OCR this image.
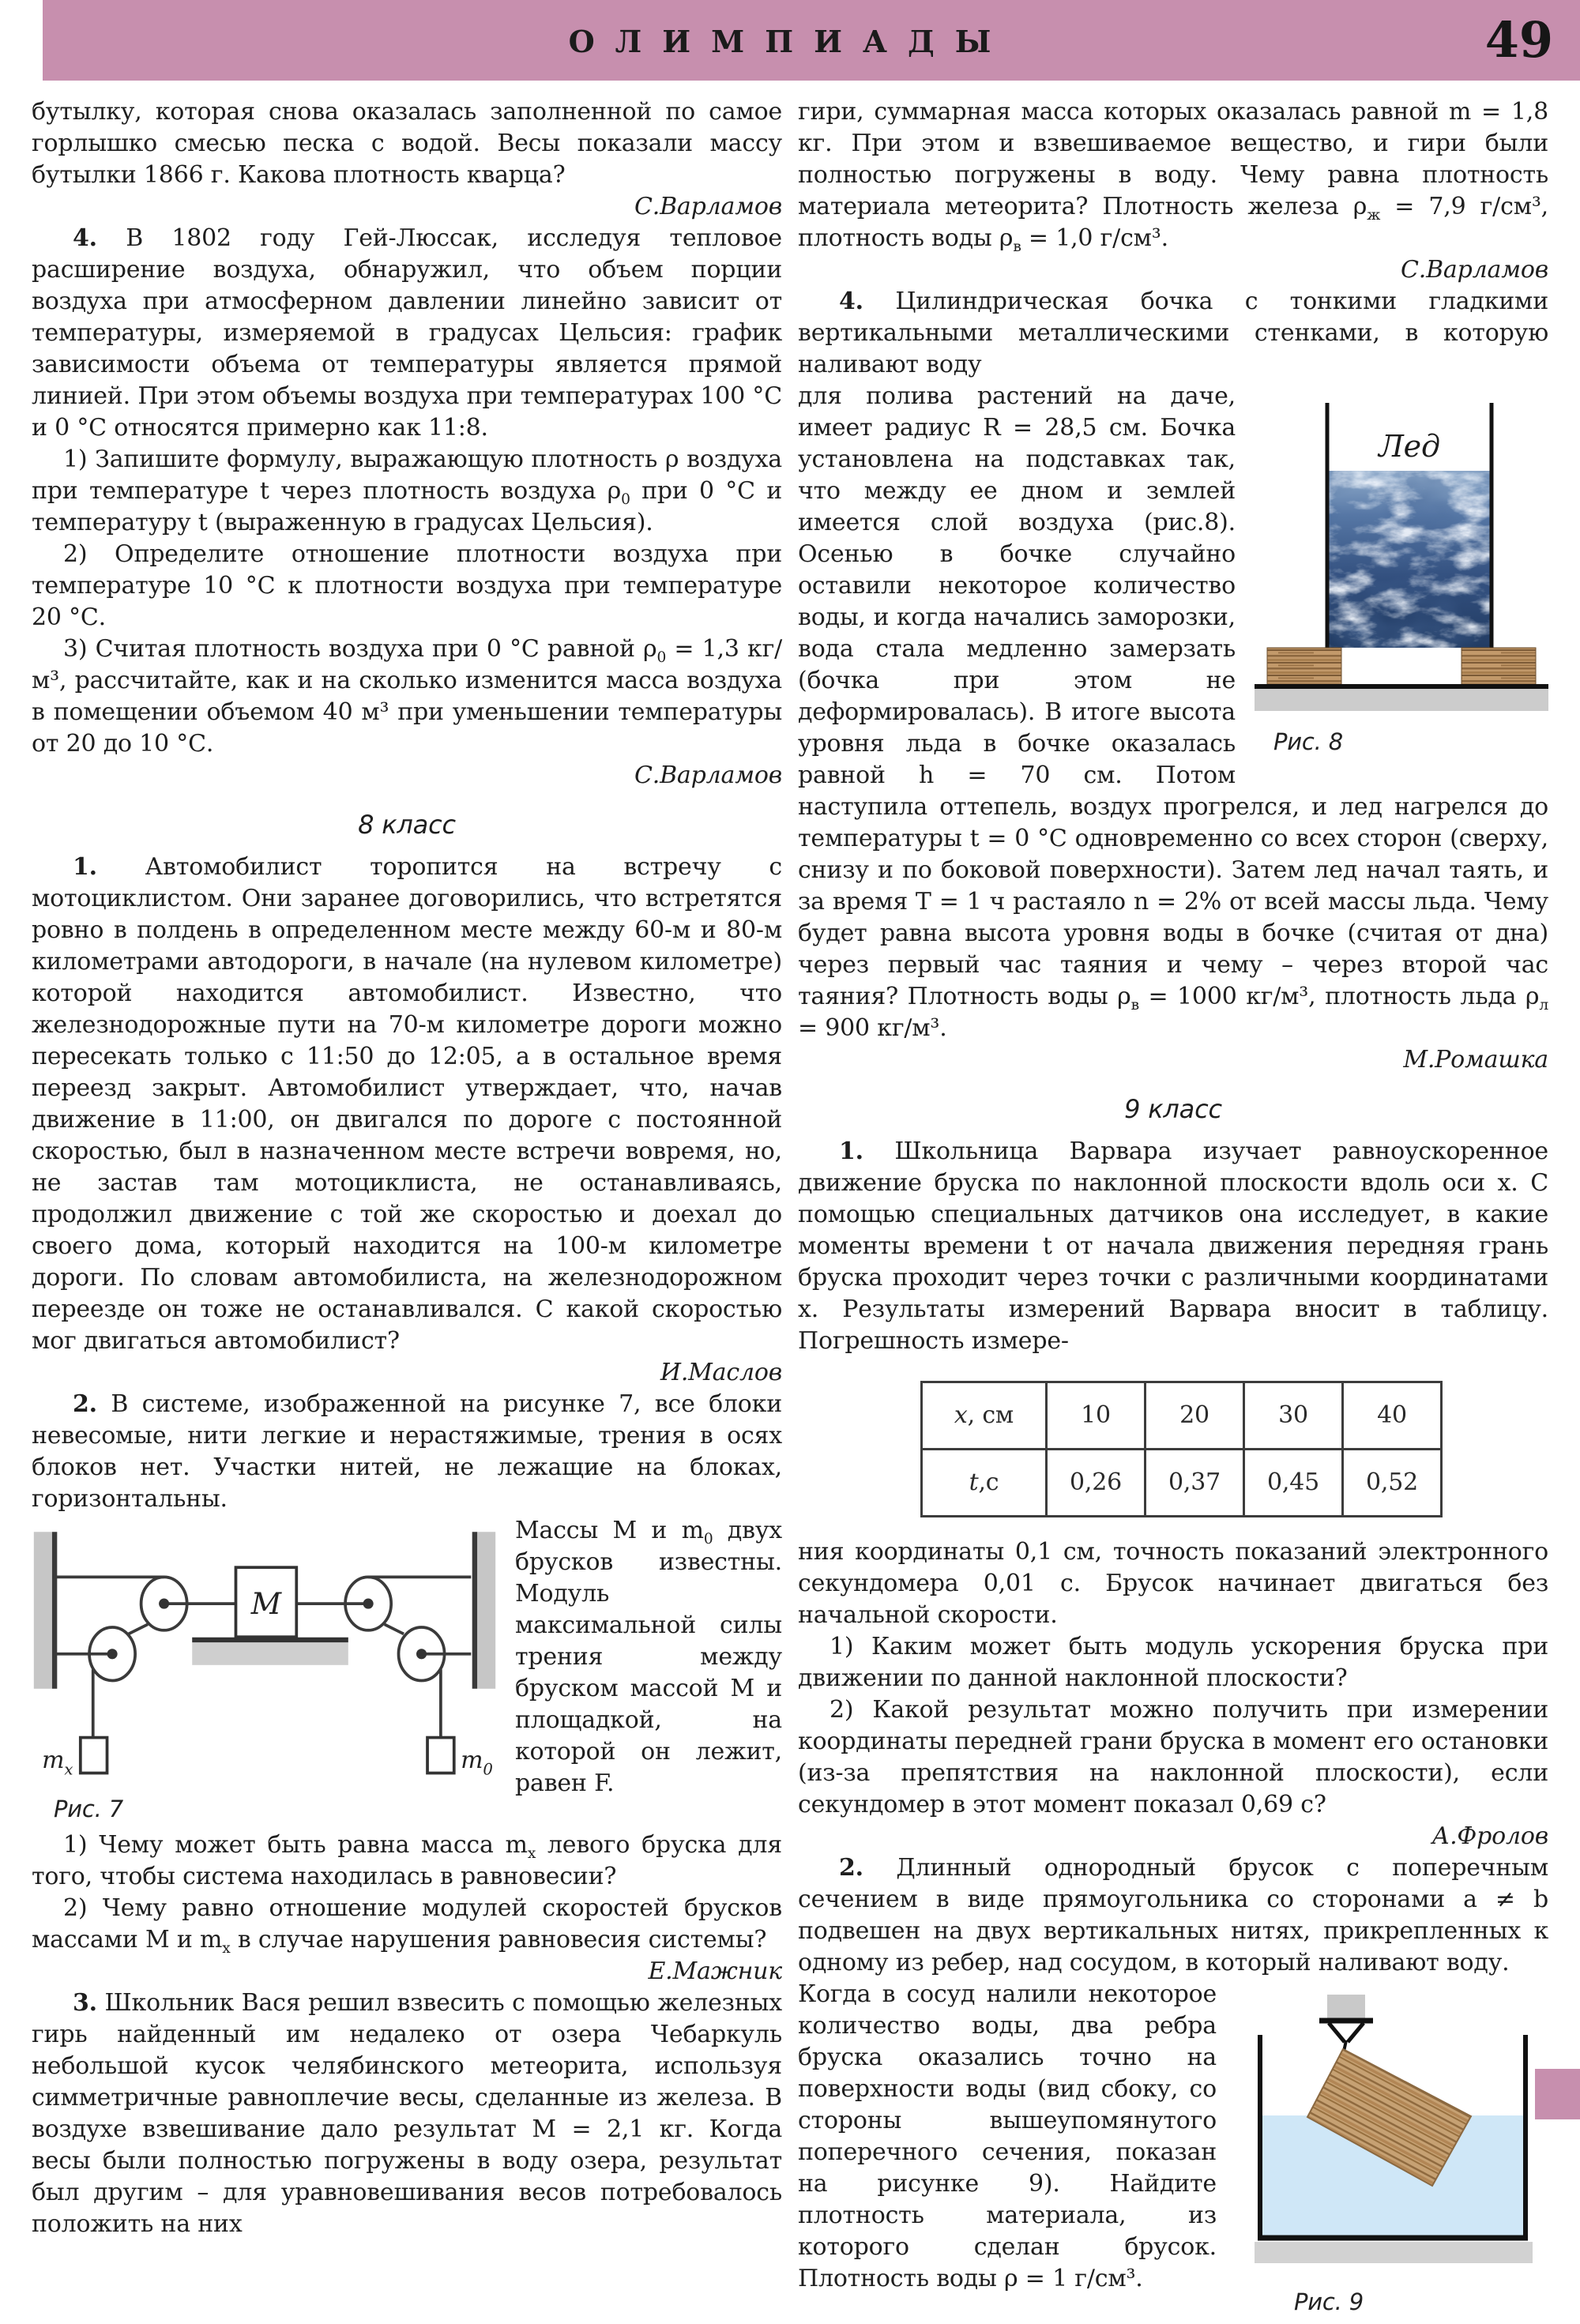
ОЛИМПИАДЫ	49

бутылку, которая снова оказалась заполненной по самое горлышко смесью песка с водой. Весы показали массу бутылки 1866 г. Какова плотность кварца?

С.Варламов

4. В 1802 году Гей-Люссак, исследуя тепловое расширение воздуха, обнаружил, что объем порции воздуха при атмосферном давлении линейно зависит от температуры, измеряемой в градусах Цельсия: график зависимости объема от температуры является прямой линией. При этом объемы воздуха при температурах 100 °С и 0 °С относятся примерно как 11:8.

1) Запишите формулу, выражающую плотность ρ воздуха при температуре t через плотность воздуха $\rho_0$ при 0 °С и температуру t (выраженную в градусах Цельсия).

2) Определите отношение плотности воздуха при температуре 10 °С к плотности воздуха при температуре 20 °С.

3) Считая плотность воздуха при 0 °С равной $\rho_0 = 1,3$ кг/м³, рассчитайте, как и на сколько изменится масса воздуха в помещении объемом 40 м³ при уменьшении температуры от 20 до 10 °С.

С.Варламов

8 класс

1. Автомобилист торопится на встречу с мотоциклистом. Они заранее договорились, что встретятся ровно в полдень в определенном месте между 60-м и 80-м километрами автодороги, в начале (на нулевом километре) которой находится автомобилист. Известно, что железнодорожные пути на 70-м километре дороги можно пересекать только с 11:50 до 12:05, а в остальное время переезд закрыт. Автомобилист утверждает, что, начав движение в 11:00, он двигался по дороге с постоянной скоростью, был в назначенном месте встречи вовремя, но, не застав там мотоциклиста, не останавливаясь, продолжил движение с той же скоростью и доехал до своего дома, который находится на 100-м километре дороги. По словам автомобилиста, на железнодорожном переезде он тоже не останавливался. С какой скоростью мог двигаться автомобилист?

И.Маслов

2. В системе, изображенной на рисунке 7, все блоки невесомые, нити легкие и нерастяжимые, трения в осях блоков нет. Участки нитей, не лежащие на блоках, горизонтальны.

M
$m_x$	$m_0$
Рис. 7

Массы M и $m_0$ двух брусков известны. Модуль максимальной силы трения между бруском массой M и площадкой, на которой он лежит, равен F.

1) Чему может быть равна масса $m_x$ левого бруска для того, чтобы система находилась в равновесии?

2) Чему равно отношение модулей скоростей брусков массами M и $m_x$ в случае нарушения равновесия системы?

Е.Мажник

3. Школьник Вася решил взвесить с помощью железных гирь найденный им недалеко от озера Чебаркуль небольшой кусок челябинского метеорита, используя симметричные равноплечие весы, сделанные из железа. В воздухе взвешивание дало результат M = 2,1 кг. Когда весы были полностью погружены в воду озера, результат был другим – для уравновешивания весов потребовалось положить на них

гири, суммарная масса которых оказалась равной m = 1,8 кг. При этом и взвешиваемое вещество, и гири были полностью погружены в воду. Чему равна плотность материала метеорита? Плотность железа $\rho_ж = 7,9$ г/см³, плотность воды $\rho_в = 1,0$ г/см³.

С.Варламов

4. Цилиндрическая бочка с тонкими гладкими вертикальными металлическими стенками, в которую наливают воду

Лед
Рис. 8

для полива растений на даче, имеет радиус R = 28,5 см. Бочка установлена на подставках так, что между ее дном и землей имеется слой воздуха (рис.8). Осенью в бочке случайно оставили некоторое количество воды, и когда начались заморозки, вода стала медленно замерзать (бочка при этом не деформировалась). В итоге высота уровня льда в бочке оказалась равной h = 70 см. Потом наступила оттепель, воздух прогрелся, и лед нагрелся до температуры t = 0 °С одновременно со всех сторон (сверху, снизу и по боковой поверхности). Затем лед начал таять, и за время T = 1 ч растаяло n = 2% от всей массы льда. Чему будет равна высота уровня воды в бочке (считая от дна) через первый час таяния и чему – через второй час таяния? Плотность воды $\rho_в = 1000$ кг/м³, плотность льда $\rho_л = 900$ кг/м³.

М.Ромашка

9 класс

1. Школьница Варвара изучает равноускоренное движение бруска по наклонной плоскости вдоль оси x. С помощью специальных датчиков она исследует, в какие моменты времени t от начала движения передняя грань бруска проходит через точки с различными координатами x. Результаты измерений Варвара вносит в таблицу. Погрешность измере-

x, см	10	20	30	40
t,с	0,26	0,37	0,45	0,52

ния координаты 0,1 см, точность показаний электронного секундомера 0,01 с. Брусок начинает двигаться без начальной скорости.

1) Каким может быть модуль ускорения бруска при движении по данной наклонной плоскости?

2) Какой результат можно получить при измерении координаты передней грани бруска в момент его остановки (из-за препятствия на наклонной плоскости), если секундомер в этот момент показал 0,69 с?

А.Фролов

2. Длинный однородный брусок с поперечным сечением в виде прямоугольника со сторонами a ≠ b подвешен на двух вертикальных нитях, прикрепленных к одному из ребер, над сосудом, в который наливают воду.

Рис. 9

Когда в сосуд налили некоторое количество воды, два ребра бруска оказались точно на поверхности воды (вид сбоку, со стороны вышеупомянутого поперечного сечения, показан на рисунке 9). Найдите плотность материала, из которого сделан брусок. Плотность воды ρ = 1 г/см³.
